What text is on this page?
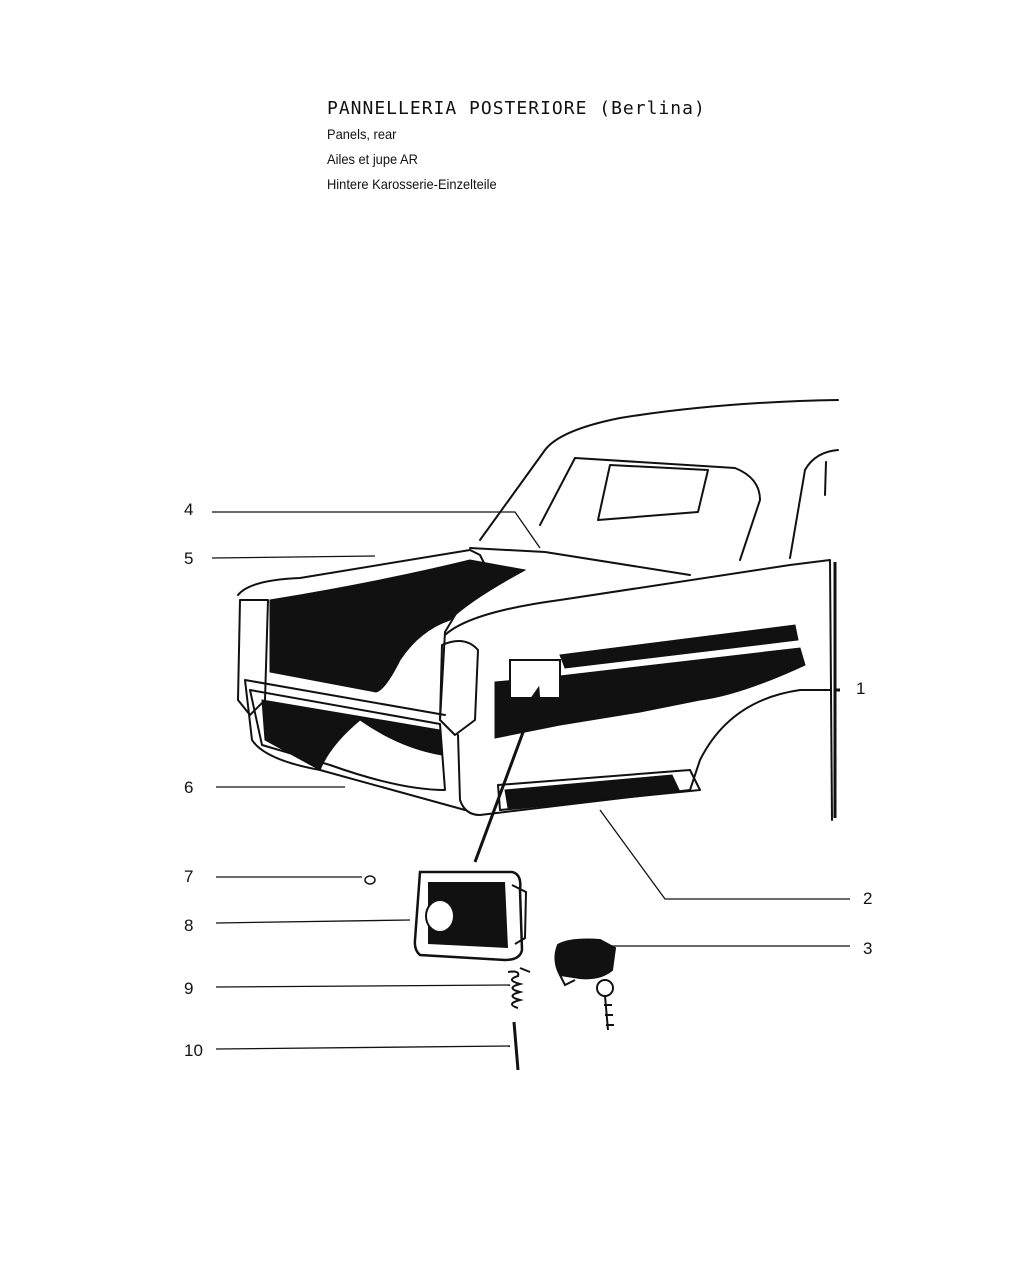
PANNELLERIA POSTERIORE (Berlina)
Panels, rear
Ailes et jupe AR
Hintere Karosserie-Einzelteile
4
5
1
6
7
2
8
3
9
10
